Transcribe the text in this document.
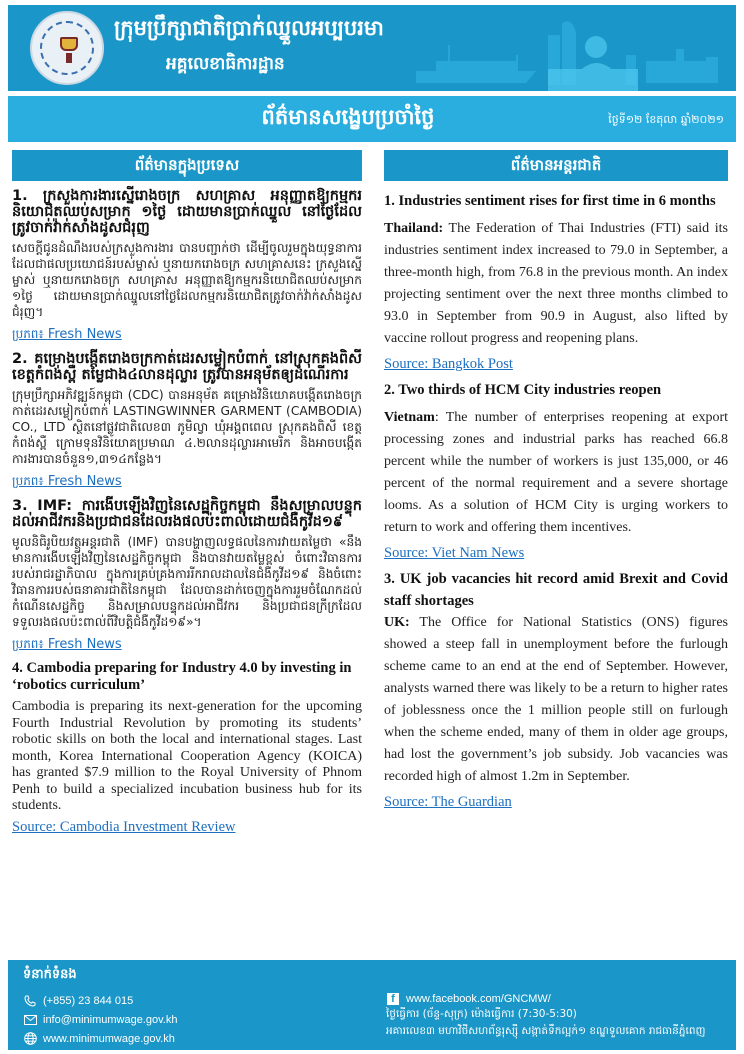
ក្រុមប្រឹក្សាជាតិប្រាក់ឈ្នួលអប្បបរមា
អគ្គលេខាធិការដ្ឋាន
ព័ត៌មានសង្ខេបប្រចាំថ្ងៃ	ថ្ងៃទី១២ ខែតុលា ឆ្នាំ២០២១
ព័ត៌មានក្នុងប្រទេស
1. ក្រសួងការងារស្នើរោងចក្រ សហគ្រាស អនុញ្ញាតឱ្យកម្មករនិយោជិតឈប់សម្រាក ១ថ្ងៃ ដោយមានប្រាក់ឈ្នួល នៅថ្ងៃដែលត្រូវចាក់វ៉ាក់សាំងដូសជំរុញ
សេចក្តីជូនដំណឹងរបស់ក្រសួងការងារ បានបញ្ជាក់ថា ដើម្បីចូលរួមក្នុងយុទ្ធនាការដែលជាផលប្រយោជន៍របស់ម្ចាស់ ឬនាយករោងចក្រ សហគ្រាសនេះ ក្រសួងស្នើម្ចាស់ ឬនាយករោងចក្រ សហគ្រាស អនុញ្ញាតឱ្យកម្មករនិយោជិតឈប់សម្រាក ១ថ្ងៃ ដោយមានប្រាក់ឈ្នួលនៅថ្ងៃដែលកម្មករនិយោជិតត្រូវចាក់វ៉ាក់សាំងដូសជំរុញ។
ប្រភព៖ Fresh News
2. គម្រោងបង្កើតរោងចក្រកាត់ដេរសម្លៀកបំពាក់ នៅស្រុកគងពិសី ខេត្តកំពង់ស្ពឺ តម្លៃជាង៤លានដុល្លារ ត្រូវបានអនុម័តឲ្យដំណើរការ
ក្រុមប្រឹក្សាអភិវឌ្ឍន៍កម្ពុជា (CDC) បានអនុម័ត គម្រោងវិនិយោគបង្កើតរោងចក្រកាត់ដេរសម្លៀកបំពាក់ LASTINGWINNER GARMENT (CAMBODIA) CO., LTD ស្ថិតនៅផ្លូវជាតិលេខ៣ ភូមិល្វា ឃុំអង្គពពេល ស្រុកគងពិសី ខេត្តកំពង់ស្ពឺ ក្រោមទុនវិនិយោគប្រមាណ ៤.២លានដុល្លារអាមេរិក និងអាចបង្កើតការងារបានចំនួន១,៣១៤កន្លែង។
ប្រភព៖ Fresh News
3. IMF: ការងើបឡើងវិញនៃសេដ្ឋកិច្ចកម្ពុជា នឹងសម្រាលបន្ទុកដល់អាជីវករនិងប្រជាជនដែលរងផលប៉ះពាល់ដោយជំងឺកូវីដ១៩
មូលនិធិរូបិយវត្ថុអន្តរជាតិ (IMF) បានបង្ហាញលទ្ធផលនៃការវាយតម្លៃថា «នឹងមានការងើបឡើងវិញនៃសេដ្ឋកិច្ចកម្ពុជា និងបានវាយតម្លៃខ្ពស់ ចំពោះវិធានការរបស់រាជរដ្ឋាភិបាល ក្នុងការគ្រប់គ្រងការរីករាលដាលនៃជំងឺកូវីដ១៩ និងចំពោះវិធានការរបស់ធនាគារជាតិនៃកម្ពុជា ដែលបានដាក់ចេញក្នុងការរួមចំណែកដល់កំណើនសេដ្ឋកិច្ច និងសម្រាលបន្ទុកដល់អាជីវករ និងប្រជាជនក្រីក្រដែលទទួលរងផលប៉ះពាល់ពីវិបត្តិជំងឺកូវីដ១៩»។
ប្រភព៖ Fresh News
4. Cambodia preparing for Industry 4.0 by investing in ‘robotics curriculum’
Cambodia is preparing its next-generation for the upcoming Fourth Industrial Revolution by promoting its students’ robotic skills on both the local and international stages. Last month, Korea International Cooperation Agency (KOICA) has granted $7.9 million to the Royal University of Phnom Penh to build a specialized incubation business hub for its students.
Source: Cambodia Investment Review
ព័ត៌មានអន្តរជាតិ
1. Industries sentiment rises for first time in 6 months
Thailand: The Federation of Thai Industries (FTI) said its industries sentiment index increased to 79.0 in September, a three-month high, from 76.8 in the previous month. An index projecting sentiment over the next three months climbed to 93.0 in September from 90.9 in August, also lifted by vaccine rollout progress and reopening plans.
Source: Bangkok Post
2. Two thirds of HCM City industries reopen
Vietnam: The number of enterprises reopening at export processing zones and industrial parks has reached 66.8 percent while the number of workers is just 135,000, or 46 percent of the normal requirement and a severe shortage looms. As a solution of HCM City is urging workers to return to work and offering them incentives.
Source: Viet Nam News
3. UK job vacancies hit record amid Brexit and Covid staff shortages
UK: The Office for National Statistics (ONS) figures showed a steep fall in unemployment before the furlough scheme came to an end at the end of September. However, analysts warned there was likely to be a return to higher rates of joblessness once the 1 million people still on furlough when the scheme ended, many of them in older age groups, had lost the government’s job subsidy. Job vacancies was recorded high of almost 1.2m in September.
Source: The Guardian
ទំនាក់ទំនង
(+855) 23 844 015
info@minimumwage.gov.kh
www.minimumwage.gov.kh
f	www.facebook.com/GNCMW/
ថ្ងៃធ្វើការ (ច័ន្ទ-សុក្រ) ម៉ោងធ្វើការ (7:30-5:30)
អគារលេខ៣ មហាវិថីសហព័ន្ធរុស្ស៊ី សង្កាត់ទឹកល្អក់១ ខណ្ឌទួលគោក រាជធានីភ្នំពេញ
